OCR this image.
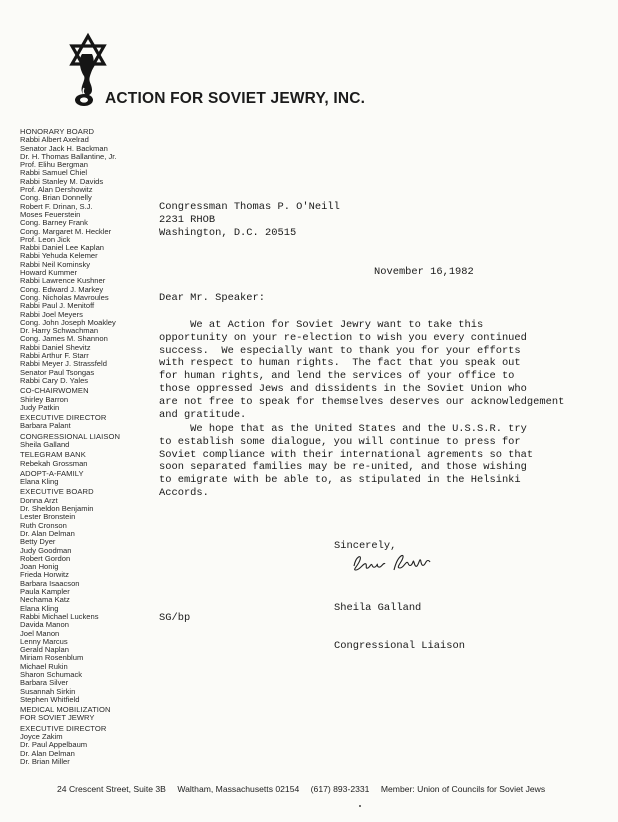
ACTION FOR SOVIET JEWRY, INC.
HONORARY BOARD
Rabbi Albert Axelrad
Senator Jack H. Backman
Dr. H. Thomas Ballantine, Jr.
Prof. Elihu Bergman
Rabbi Samuel Chiel
Rabbi Stanley M. Davids
Prof. Alan Dershowitz
Cong. Brian Donnelly
Robert F. Drinan, S.J.
Moses Feuerstein
Cong. Barney Frank
Cong. Margaret M. Heckler
Prof. Leon Jick
Rabbi Daniel Lee Kaplan
Rabbi Yehuda Kelemer
Rabbi Neil Kominsky
Howard Kummer
Rabbi Lawrence Kushner
Cong. Edward J. Markey
Cong. Nicholas Mavroules
Rabbi Paul J. Menitoff
Rabbi Joel Meyers
Cong. John Joseph Moakley
Dr. Harry Schwachman
Cong. James M. Shannon
Rabbi Daniel Shevitz
Rabbi Arthur F. Starr
Rabbi Meyer J. Strassfeld
Senator Paul Tsongas
Rabbi Cary D. Yales
CO-CHAIRWOMEN
Shirley Barron
Judy Patkin
EXECUTIVE DIRECTOR
Barbara Palant
CONGRESSIONAL LIAISON
Sheila Galland
TELEGRAM BANK
Rebekah Grossman
ADOPT-A-FAMILY
Elana Kling
EXECUTIVE BOARD
Donna Arzt
Dr. Sheldon Benjamin
Lester Bronstein
Ruth Cronson
Dr. Alan Delman
Betty Dyer
Judy Goodman
Robert Gordon
Joan Honig
Frieda Horwitz
Barbara Isaacson
Paula Kampler
Nechama Katz
Elana Kling
Rabbi Michael Luckens
Davida Manon
Joel Manon
Lenny Marcus
Gerald Naplan
Miriam Rosenblum
Michael Rukin
Sharon Schumack
Barbara Silver
Susannah Sirkin
Stephen Whitfield
MEDICAL MOBILIZATION
FOR SOVIET JEWRY
EXECUTIVE DIRECTOR
Joyce Zakim
Dr. Paul Appelbaum
Dr. Alan Delman
Dr. Brian Miller
Congressman Thomas P. O'Neill
2231 RHOB
Washington, D.C. 20515
November 16,1982
Dear Mr. Speaker:
We at Action for Soviet Jewry want to take this
opportunity on your re-election to wish you every continued
success.  We especially want to thank you for your efforts
with respect to human rights.  The fact that you speak out
for human rights, and lend the services of your office to
those oppressed Jews and dissidents in the Soviet Union who
are not free to speak for themselves deserves our acknowledgement
and gratitude.
We hope that as the United States and the U.S.S.R. try
to establish some dialogue, you will continue to press for
Soviet compliance with their international agrements so that
soon separated families may be re-united, and those wishing
to emigrate with be able to, as stipulated in the Helsinki
Accords.
Sincerely,

Sheila Galland

Congressional Liaison

SG/bp
24 Crescent Street, Suite 3B Waltham, Massachusetts 02154 (617) 893-2331 Member: Union of Councils for Soviet Jews
